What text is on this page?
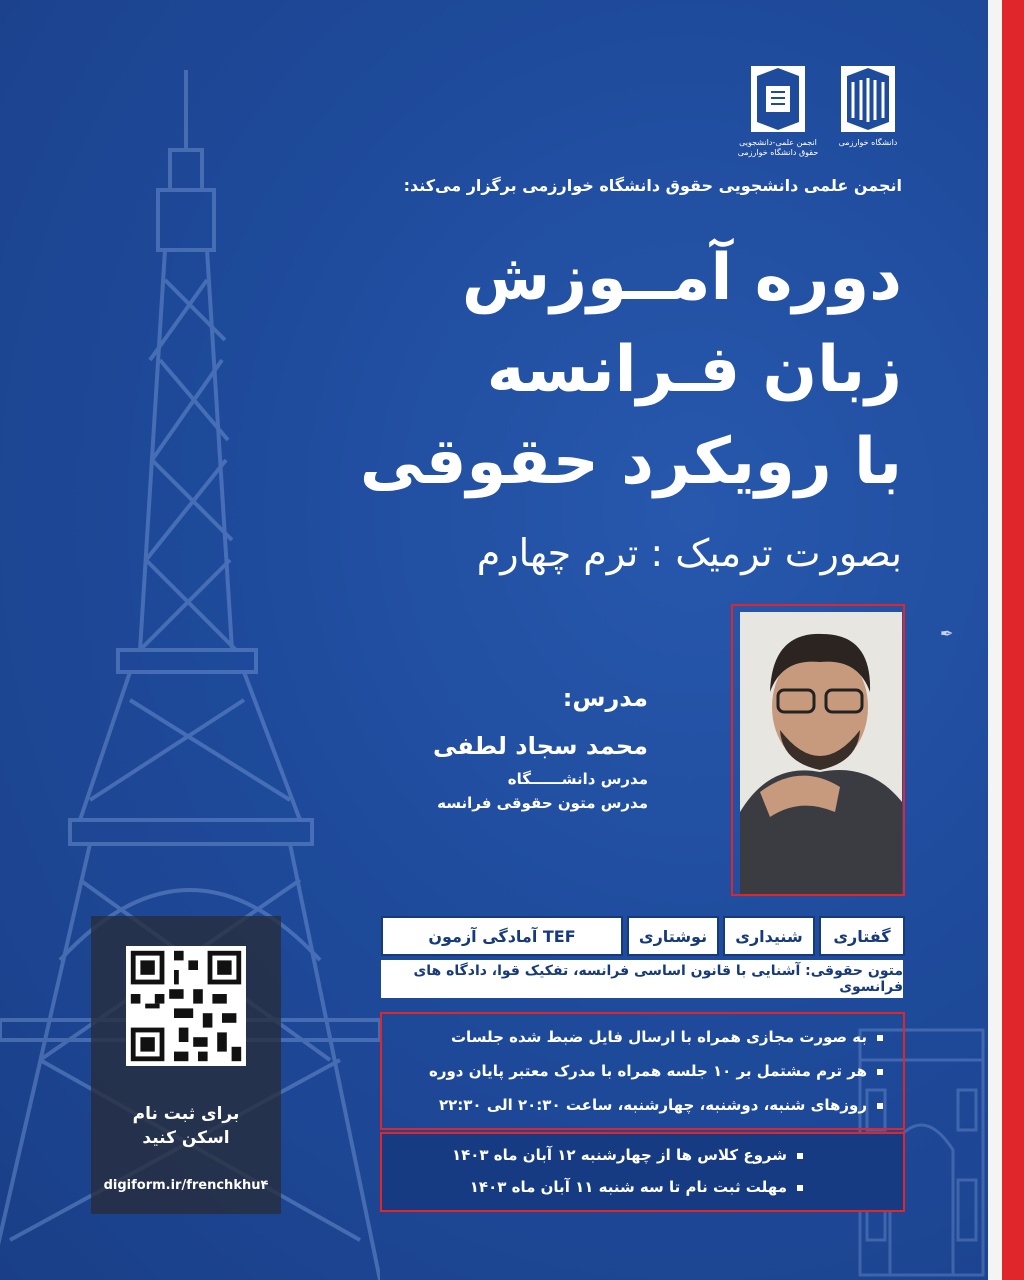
دانشگاه خوارزمی
انجمن علمی-دانشجویی
حقوق دانشگاه خوارزمی
انجمن علمی دانشجویی حقوق دانشگاه خوارزمی برگزار می‌کند:
دوره آمــوزش
زبان فـرانسه
با رویکرد حقوقی
بصورت ترمیک : ترم چهارم
✒
مدرس:
محمد سجاد لطفی
مدرس دانشــــــگاه
مدرس متون حقوقی فرانسه
گفتاری
شنیداری
نوشتاری
آمادگی آزمون TEF
متون حقوقی: آشنایی با قانون اساسی فرانسه، تفکیک قوا، دادگاه های فرانسوی
به صورت مجازی همراه با ارسال فایل ضبط شده جلسات
هر ترم مشتمل بر ۱۰ جلسه همراه با مدرک معتبر پایان دوره
روزهای شنبه، دوشنبه، چهارشنبه، ساعت ۲۰:۳۰ الی ۲۲:۳۰
شروع کلاس ها از چهارشنبه ۱۲ آبان ماه ۱۴۰۳
مهلت ثبت نام تا سه شنبه ۱۱ آبان ماه ۱۴۰۳
برای ثبت نام
اسکن کنید
digiform.ir/frenchkhu۴
